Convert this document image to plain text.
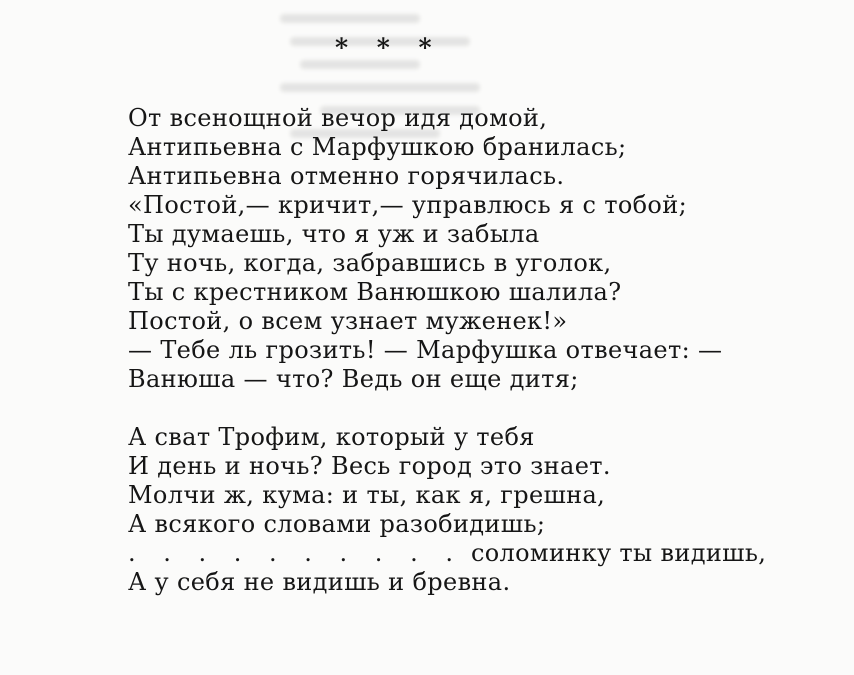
* * *
От всенощной вечор идя домой,
Антипьевна с Марфушкою бранилась;
Антипьевна отменно горячилась.
«Постой,— кричит,— управлюсь я с тобой;
Ты думаешь, что я уж и забыла
Ту ночь, когда, забравшись в уголок,
Ты с крестником Ванюшкою шалила?
Постой, о всем узнает муженек!»
— Тебе ль грозить! — Марфушка отвечает: —
Ванюша — что? Ведь он еще дитя;
А сват Трофим, который у тебя
И день и ночь? Весь город это знает.
Молчи ж, кума: и ты, как я, грешна,
А всякого словами разобидишь;
. . . . . . . . . . соломинку ты видишь,
А у себя не видишь и бревна.
